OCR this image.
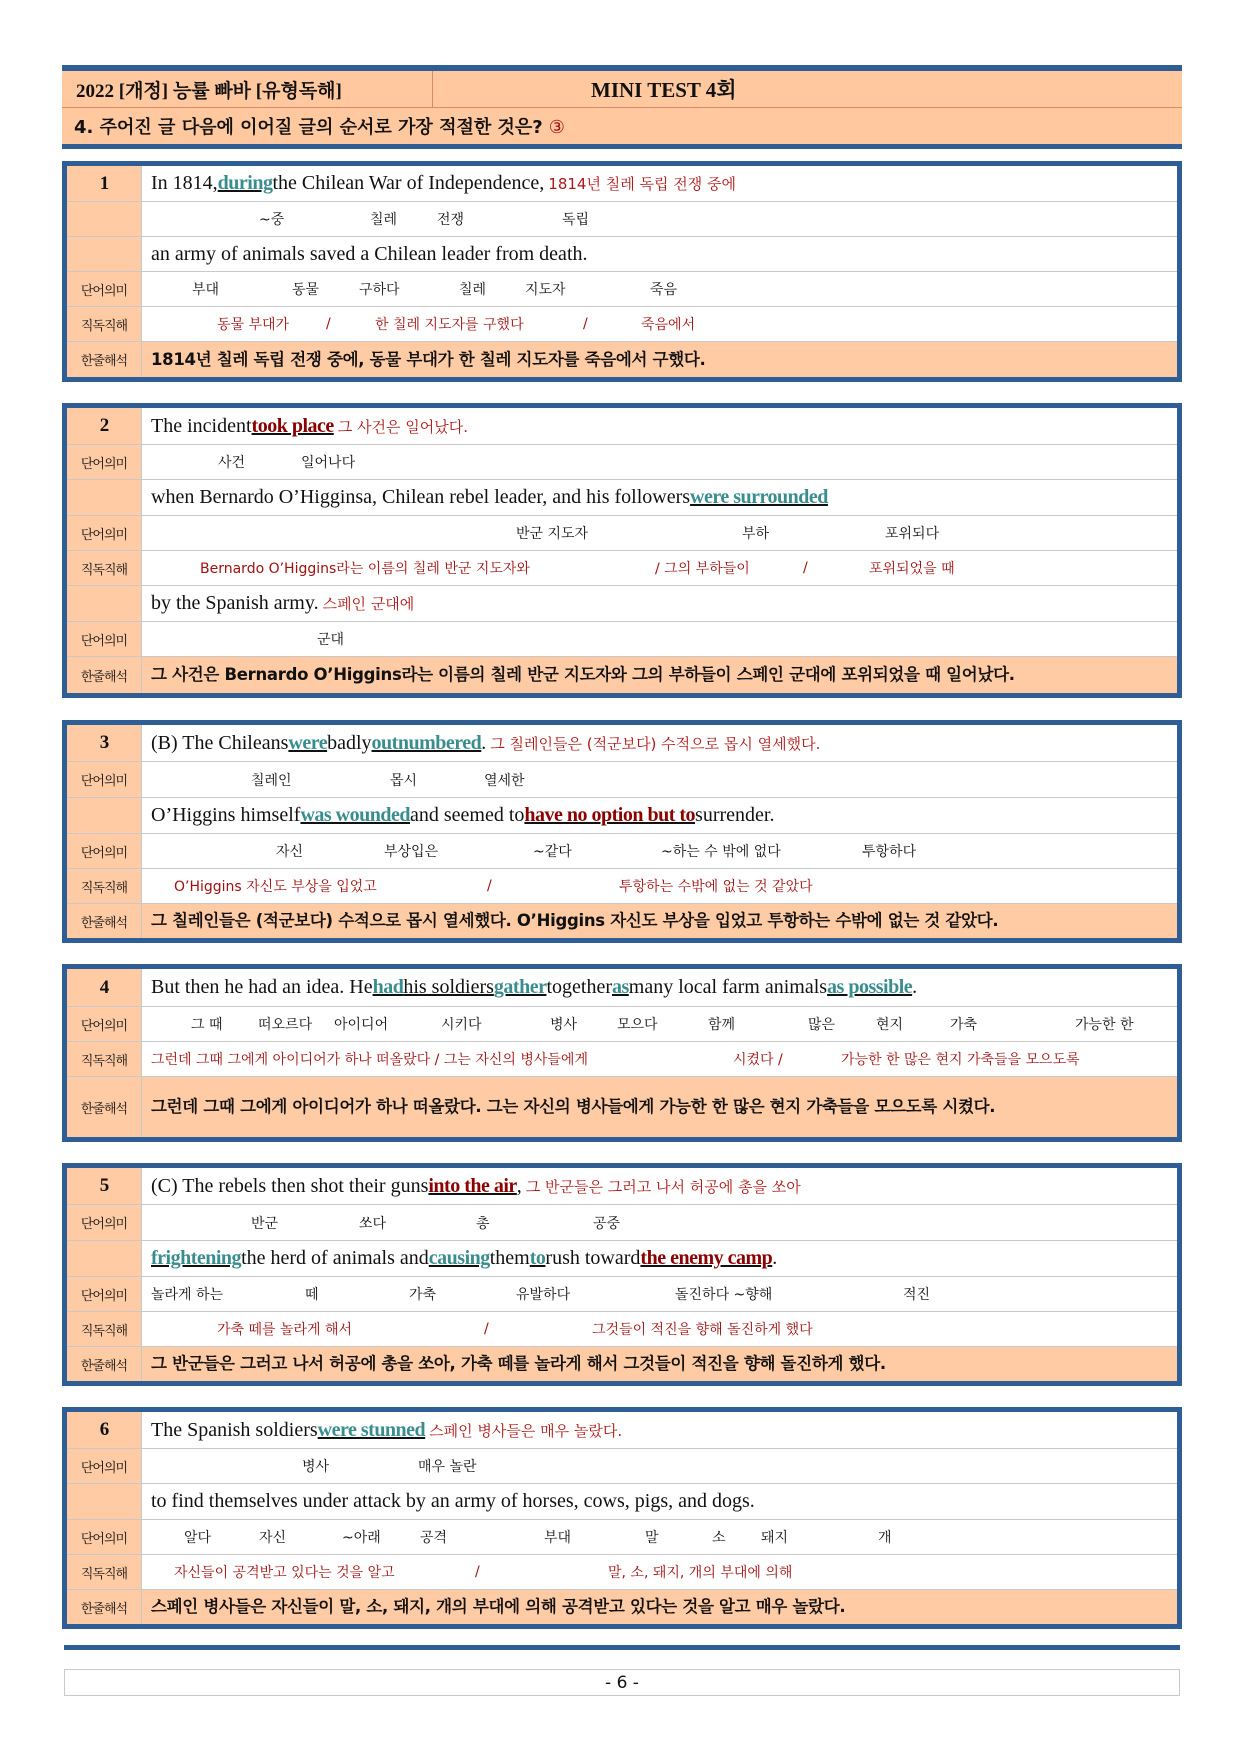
2022 [개정] 능률 빠바 [유형독해]	MINI TEST 4회
4. 주어진 글 다음에 이어질 글의 순서로 가장 적절한 것은? ③
1	In 1814, during the Chilean War of Independence, 1814년 칠레 독립 전쟁 중에
~중	칠레	전쟁	독립
an army of animals saved a Chilean leader from death.
단어의미	부대	동물	구하다	칠레	지도자	죽음
직독직해	동물 부대가	/	한 칠레 지도자를 구했다	/	죽음에서
한줄해석	1814년 칠레 독립 전쟁 중에, 동물 부대가 한 칠레 지도자를 죽음에서 구했다.
2	The incident took place 그 사건은 일어났다.
단어의미	사건	일어나다
when Bernardo O’Higginsa, Chilean rebel leader, and his followers were surrounded
단어의미	반군 지도자	부하	포위되다
직독직해	Bernardo O’Higgins라는 이름의 칠레 반군 지도자와	/ 그의 부하들이	/	포위되었을 때
by the Spanish army. 스페인 군대에
단어의미	군대
한줄해석	그 사건은 Bernardo O’Higgins라는 이름의 칠레 반군 지도자와 그의 부하들이 스페인 군대에 포위되었을 때 일어났다.
3	(B) The Chileans were badly outnumbered . 그 칠레인들은 (적군보다) 수적으로 몹시 열세했다.
단어의미	칠레인	몹시	열세한
O’Higgins himself was wounded and seemed to have no option but to surrender.
단어의미	자신	부상입은	~같다	~하는 수 밖에 없다	투항하다
직독직해	O’Higgins 자신도 부상을 입었고	/	투항하는 수밖에 없는 것 같았다
한줄해석	그 칠레인들은 (적군보다) 수적으로 몹시 열세했다. O’Higgins 자신도 부상을 입었고 투항하는 수밖에 없는 것 같았다.
4	But then he had an idea. He had his soldiers gather together as many local farm animals as possible .
단어의미	그 때	떠오르다 아이디어	시키다	병사	모으다	함께	많은	현지	가축	가능한 한
직독직해	그런데 그때 그에게 아이디어가 하나 떠올랐다 / 그는 자신의 병사들에게	시켰다 /	가능한 한 많은 현지 가축들을 모으도록
한줄해석	그런데 그때 그에게 아이디어가 하나 떠올랐다. 그는 자신의 병사들에게 가능한 한 많은 현지 가축들을 모으도록 시켰다.
5	(C) The rebels then shot their guns into the air , 그 반군들은 그러고 나서 허공에 총을 쏘아
단어의미	반군	쏘다	총	공중
frightening the herd of animals and causing them to rush toward the enemy camp .
단어의미	놀라게 하는	떼	가축	유발하다	돌진하다 ~향해	적진
직독직해	가축 떼를 놀라게 해서	/	그것들이 적진을 향해 돌진하게 했다
한줄해석	그 반군들은 그러고 나서 허공에 총을 쏘아, 가축 떼를 놀라게 해서 그것들이 적진을 향해 돌진하게 했다.
6	The Spanish soldiers were stunned 스페인 병사들은 매우 놀랐다.
단어의미	병사	매우 놀란
to find themselves under attack by an army of horses, cows, pigs, and dogs.
단어의미	알다	자신	~아래	공격	부대	말	소	돼지	개
직독직해	자신들이 공격받고 있다는 것을 알고	/	말, 소, 돼지, 개의 부대에 의해
한줄해석	스페인 병사들은 자신들이 말, 소, 돼지, 개의 부대에 의해 공격받고 있다는 것을 알고 매우 놀랐다.
- 6 -
